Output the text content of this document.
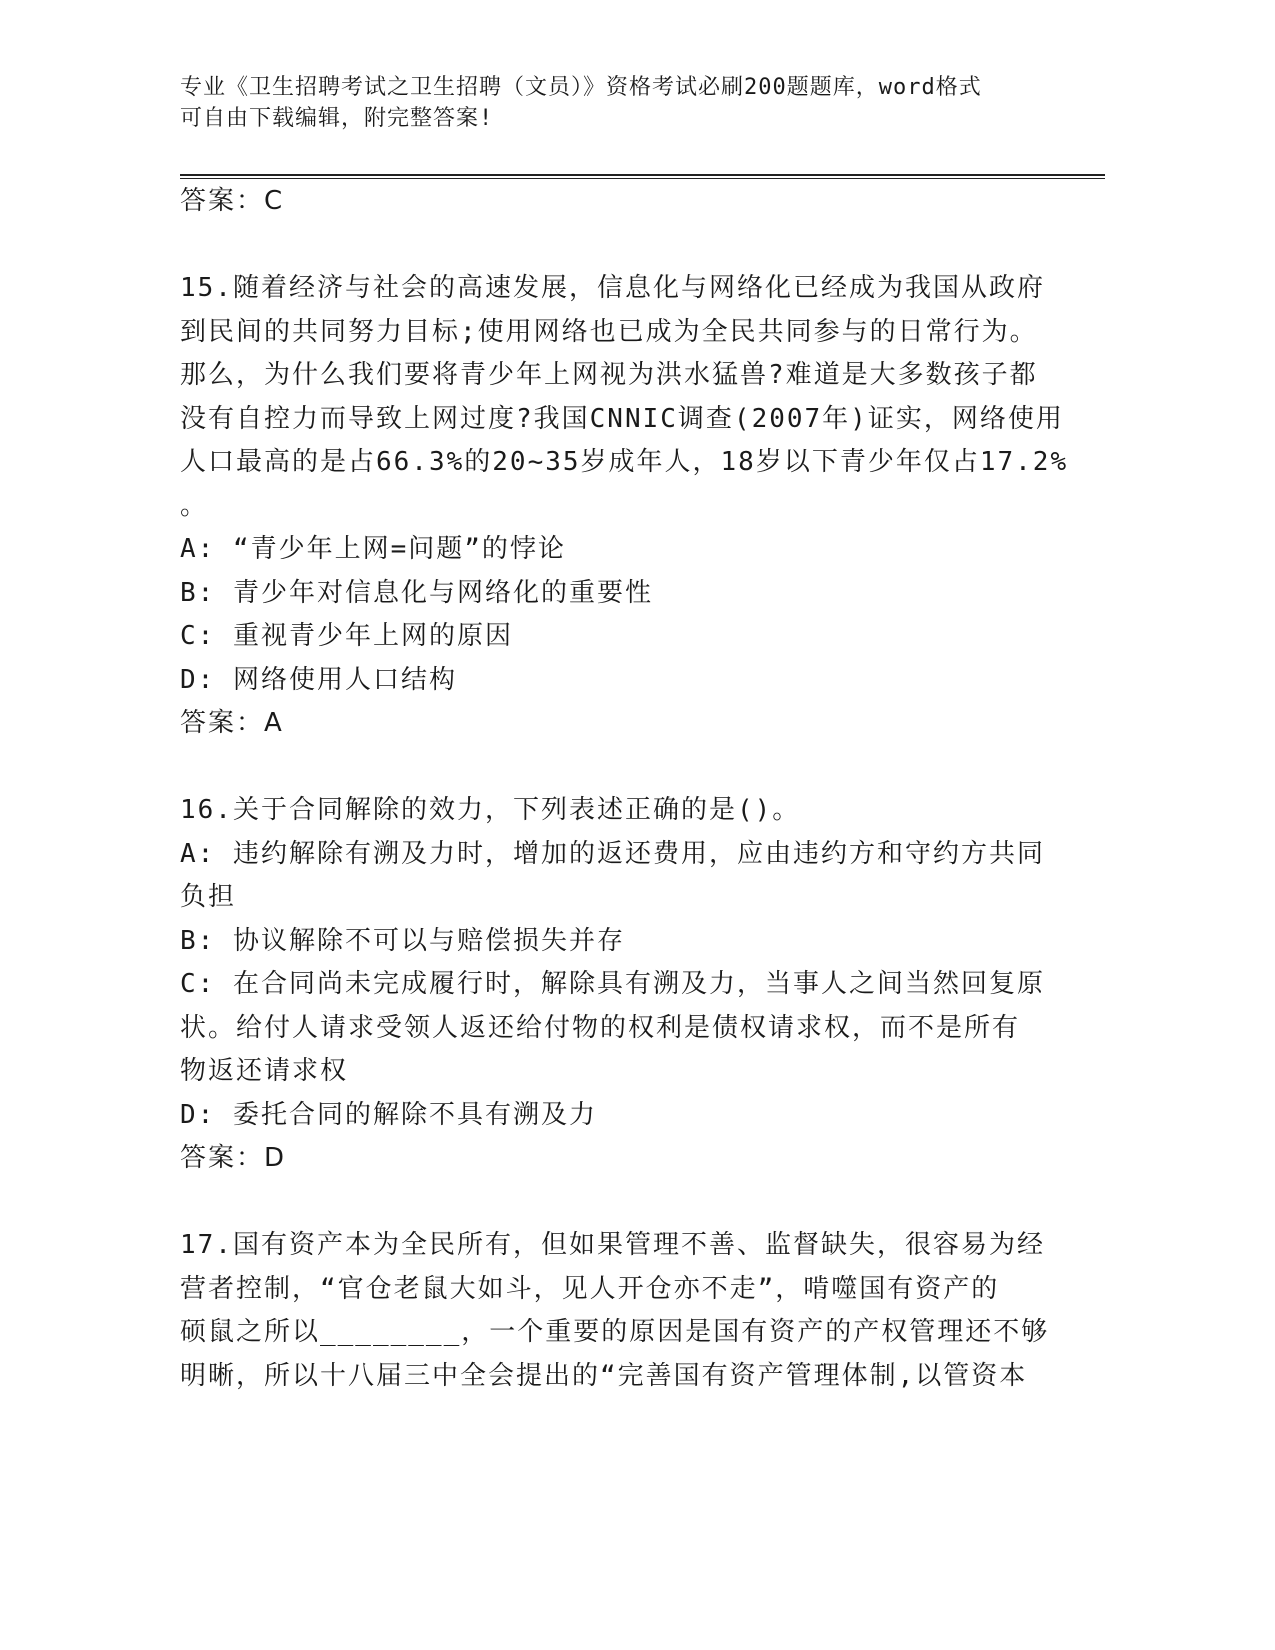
专业《卫生招聘考试之卫生招聘（文员）》资格考试必刷200题题库，word格式
可自由下载编辑，附完整答案!
答案：C
15.随着经济与社会的高速发展，信息化与网络化已经成为我国从政府
到民间的共同努力目标;使用网络也已成为全民共同参与的日常行为。
那么，为什么我们要将青少年上网视为洪水猛兽?难道是大多数孩子都
没有自控力而导致上网过度?我国CNNIC调查(2007年)证实，网络使用
人口最高的是占66.3%的20~35岁成年人，18岁以下青少年仅占17.2%
。
A: “青少年上网=问题”的悖论
B: 青少年对信息化与网络化的重要性
C: 重视青少年上网的原因
D: 网络使用人口结构
答案：A
16.关于合同解除的效力，下列表述正确的是()。
A: 违约解除有溯及力时，增加的返还费用，应由违约方和守约方共同
负担
B: 协议解除不可以与赔偿损失并存
C: 在合同尚未完成履行时，解除具有溯及力，当事人之间当然回复原
状。给付人请求受领人返还给付物的权利是债权请求权，而不是所有
物返还请求权
D: 委托合同的解除不具有溯及力
答案：D
17.国有资产本为全民所有，但如果管理不善、监督缺失，很容易为经
营者控制，“官仓老鼠大如斗，见人开仓亦不走”，啃噬国有资产的
硕鼠之所以________，一个重要的原因是国有资产的产权管理还不够
明晰，所以十八届三中全会提出的“完善国有资产管理体制,以管资本
